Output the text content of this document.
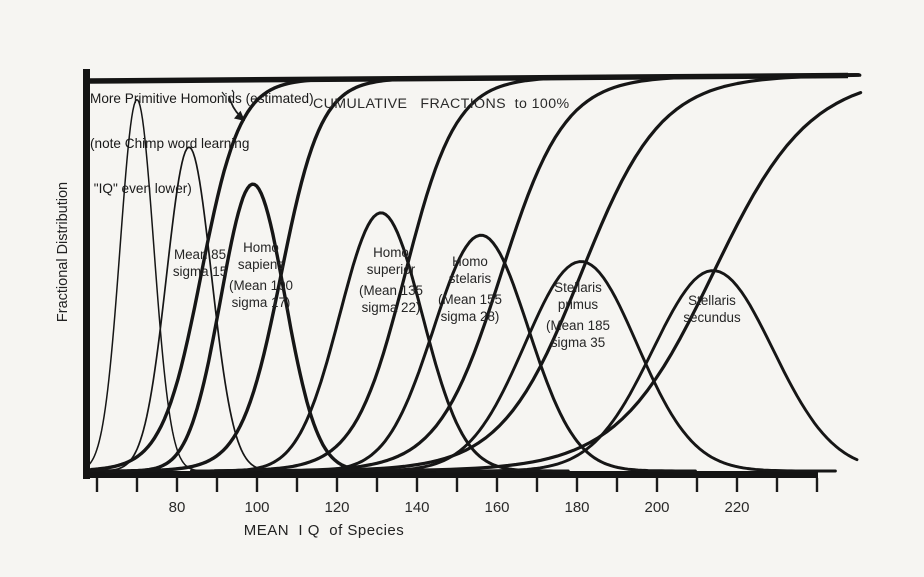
More Primitive Homonids (estimated)

(note Chimp word learning

"IQ" even lower)

CUMULATIVE   FRACTIONS  to 100%
MEAN  I Q  of Species
Fractional Distribution
80	100	120	140	160	180	200	220
Mean 85
sigma 15
Homo
sapiens
(Mean 100
sigma 17)
Homo
superior
(Mean 135
sigma 22)
Homo
stelaris
(Mean 155
sigma 28)
Stellaris
primus
(Mean 185
sigma 35
Stellaris
secundus
